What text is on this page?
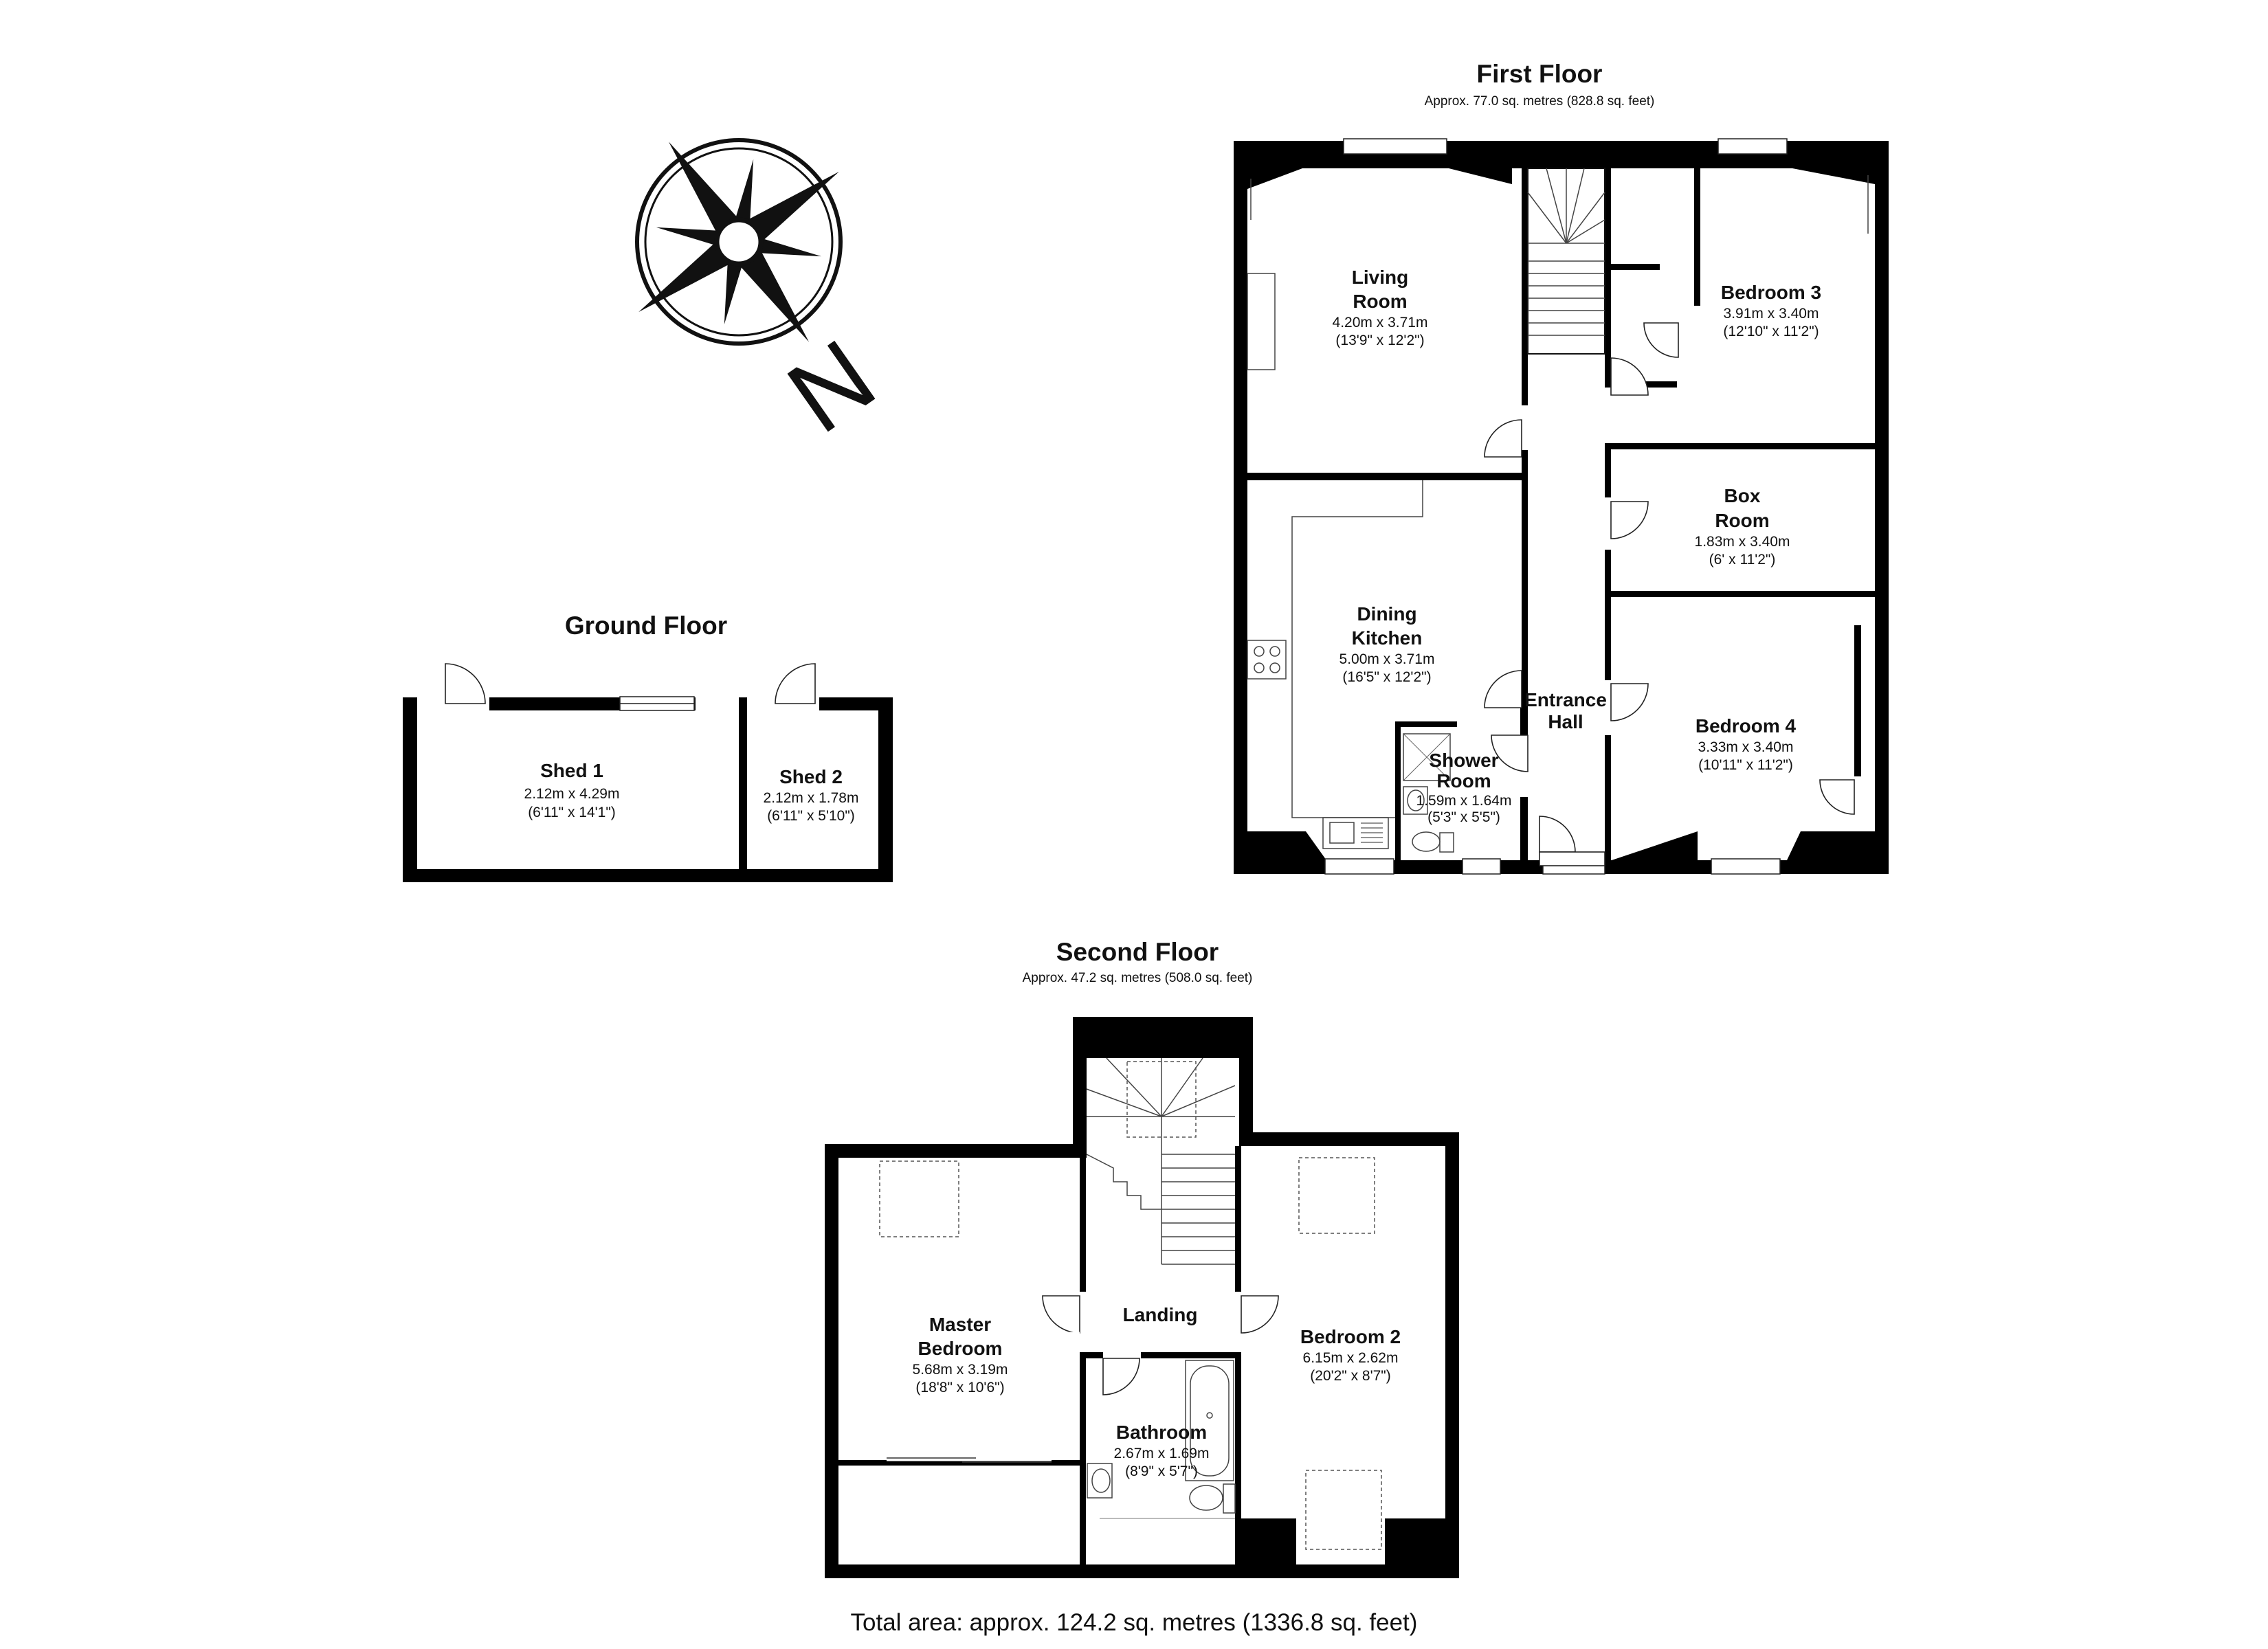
N
Ground Floor
Shed 1
2.12m x 4.29m
(6'11" x 14'1")
Shed 2
2.12m x 1.78m
(6'11" x 5'10")
First Floor
Approx. 77.0 sq. metres (828.8 sq. feet)
Living
Room
4.20m x 3.71m
(13'9" x 12'2")
Dining
Kitchen
5.00m x 3.71m
(16'5" x 12'2")
Bedroom 3
3.91m x 3.40m
(12'10" x 11'2")
Box
Room
1.83m x 3.40m
(6' x 11'2")
Bedroom 4
3.33m x 3.40m
(10'11" x 11'2")
Entrance
Hall
Shower
Room
1.59m x 1.64m
(5'3" x 5'5")
Second Floor
Approx. 47.2 sq. metres (508.0 sq. feet)
Master
Bedroom
5.68m x 3.19m
(18'8" x 10'6")
Landing
Bedroom 2
6.15m x 2.62m
(20'2" x 8'7")
Bathroom
2.67m x 1.69m
(8'9" x 5'7")
Total area: approx. 124.2 sq. metres (1336.8 sq. feet)
